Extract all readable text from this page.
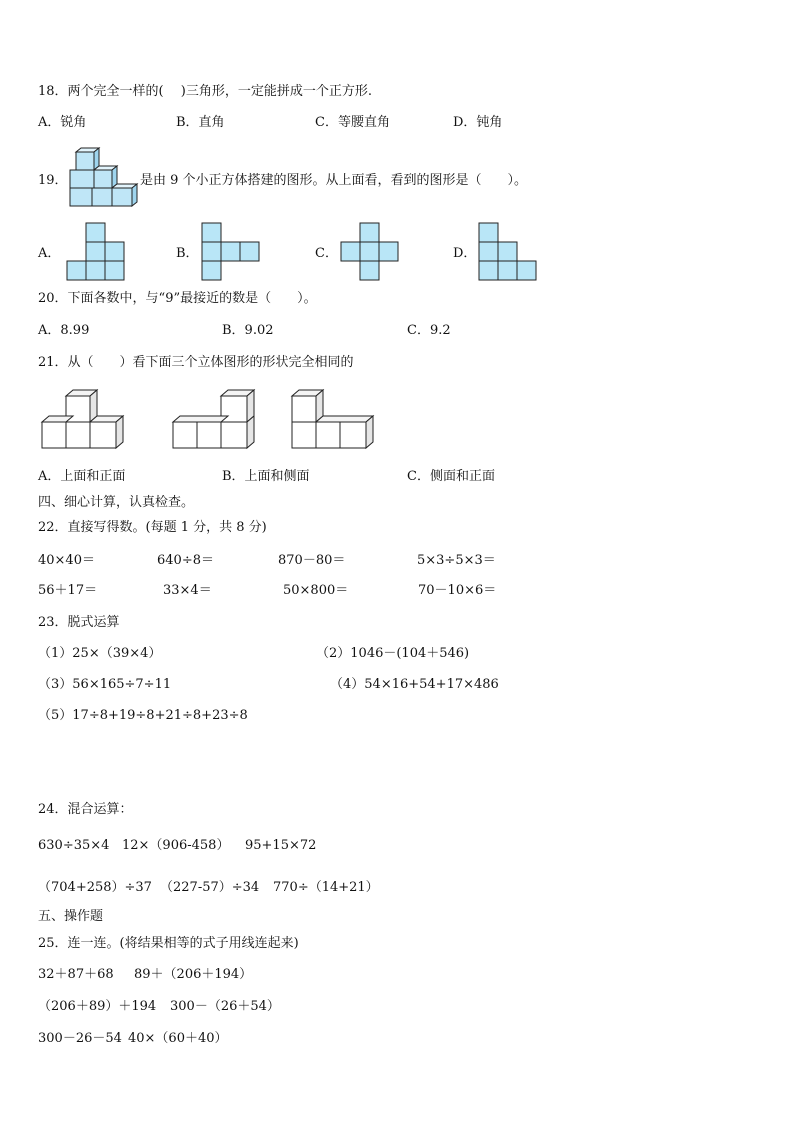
18．两个完全一样的(　 )三角形，一定能拼成一个正方形.
A．锐角	B．直角	C．等腰直角	D．钝角
19．	是由 9 个小正方体搭建的图形。从上面看，看到的图形是（　　）。
A．	B．	C．	D．
20．下面各数中，与“9”最接近的数是（　　）。
A．8.99	B．9.02	C．9.2
21．从（　　）看下面三个立体图形的形状完全相同的
A．上面和正面	B．上面和侧面	C．侧面和正面
四、细心计算，认真检查。
22．直接写得数。(每题 1 分，共 8 分)
40×40＝	640÷8＝	870－80＝	5×3÷5×3＝
56＋17＝	33×4＝	50×800＝	70－10×6＝
23．脱式运算
（1）25×（39×4）	（2）1046－(104＋546)
（3）56×165÷7÷11	（4）54×16+54+17×486
（5）17÷8+19÷8+21÷8+23÷8
24．混合运算：
630÷35×4 12×（906-458） 95+15×72
（704+258）÷37 （227-57）÷34 770÷（14+21）
五、操作题
25．连一连。(将结果相等的式子用线连起来)
32＋87＋68 89＋（206＋194）
（206＋89）＋194 300－（26＋54）
300－26－54 40×（60＋40）
